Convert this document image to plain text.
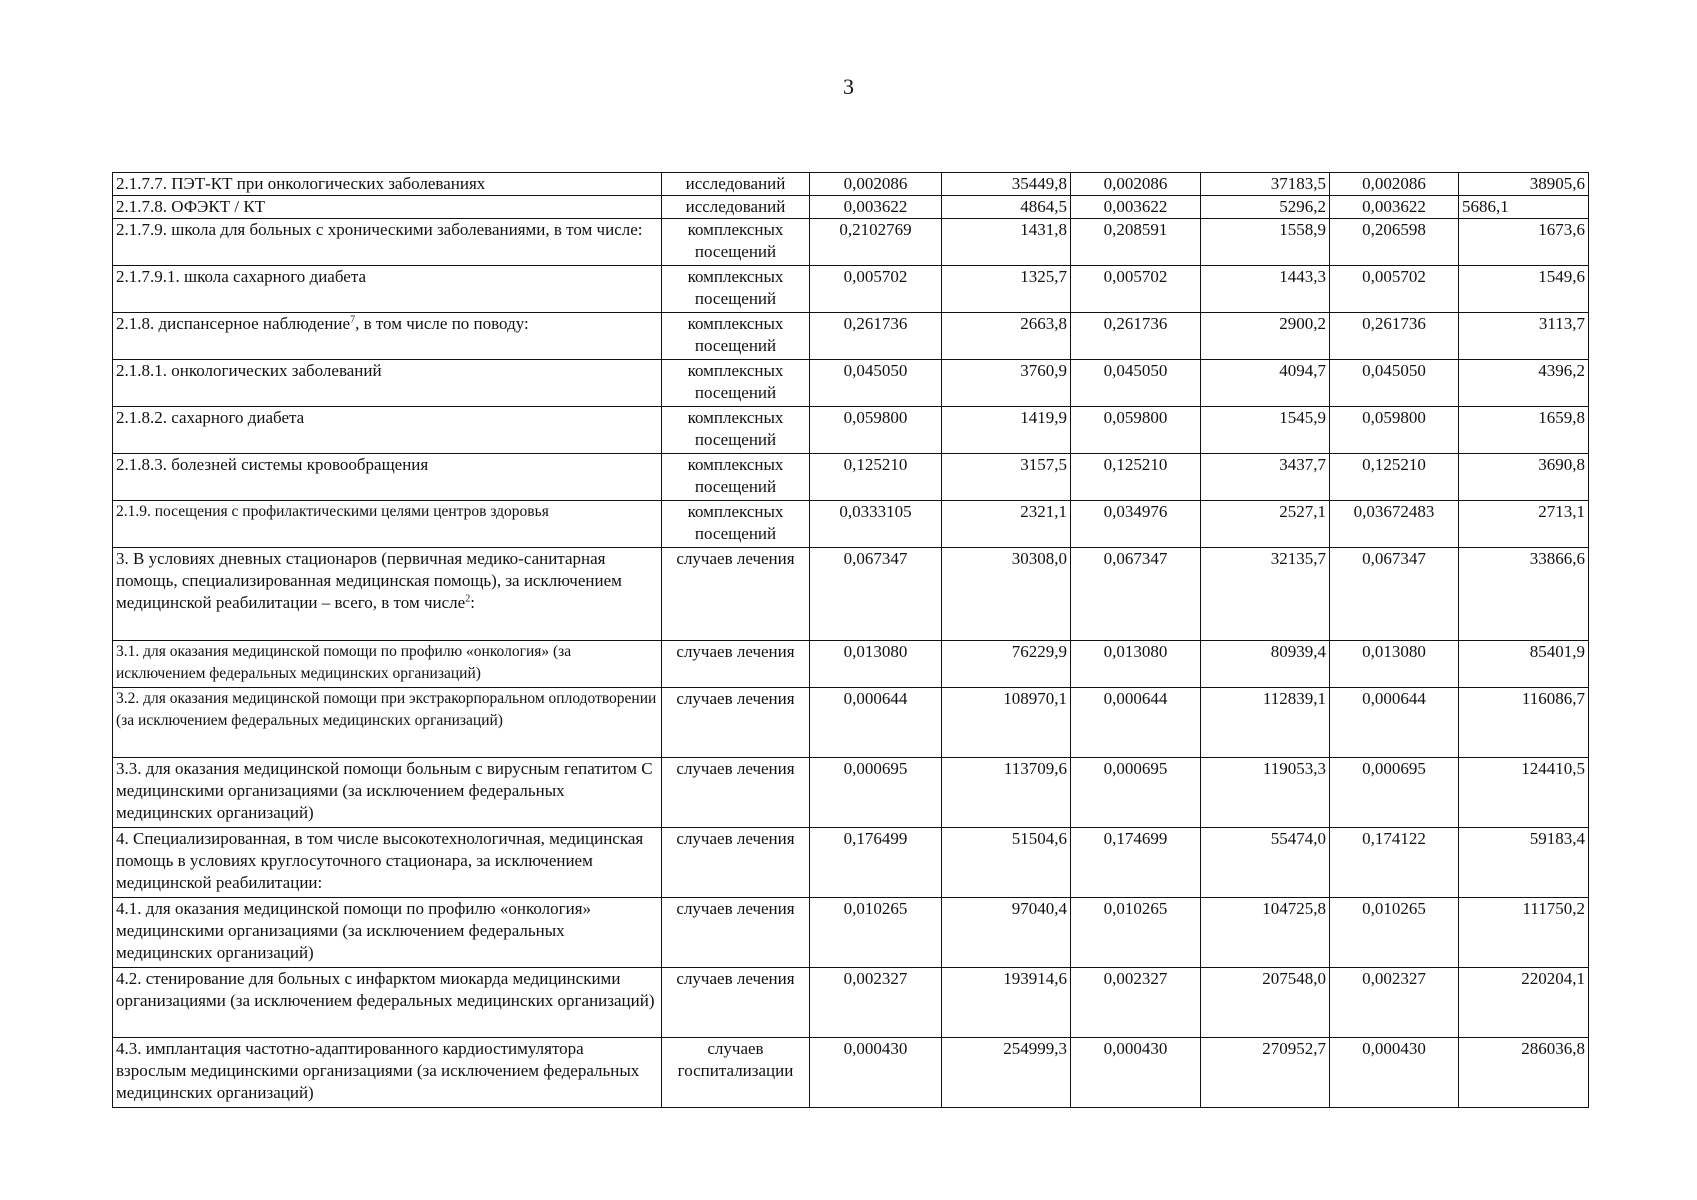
3
2.1.7.7. ПЭТ-КТ при онкологических заболеваниях	исследований	0,002086	35449,8	0,002086	37183,5	0,002086	38905,6
2.1.7.8. ОФЭКТ / КТ	исследований	0,003622	4864,5	0,003622	5296,2	0,003622	5686,1
2.1.7.9. школа для больных с хроническими заболеваниями, в том числе:	комплексных посещений	0,2102769	1431,8	0,208591	1558,9	0,206598	1673,6
2.1.7.9.1. школа сахарного диабета	комплексных посещений	0,005702	1325,7	0,005702	1443,3	0,005702	1549,6
2.1.8. диспансерное наблюдение$^7$, в том числе по поводу:	комплексных посещений	0,261736	2663,8	0,261736	2900,2	0,261736	3113,7
2.1.8.1. онкологических заболеваний	комплексных посещений	0,045050	3760,9	0,045050	4094,7	0,045050	4396,2
2.1.8.2. сахарного диабета	комплексных посещений	0,059800	1419,9	0,059800	1545,9	0,059800	1659,8
2.1.8.3. болезней системы кровообращения	комплексных посещений	0,125210	3157,5	0,125210	3437,7	0,125210	3690,8
2.1.9. посещения с профилактическими целями центров здоровья	комплексных посещений	0,0333105	2321,1	0,034976	2527,1	0,03672483	2713,1
3. В условиях дневных стационаров (первичная медико-санитарная помощь, специализированная медицинская помощь), за исключением медицинской реабилитации – всего, в том числе$^2$:	случаев лечения	0,067347	30308,0	0,067347	32135,7	0,067347	33866,6
3.1. для оказания медицинской помощи по профилю «онкология» (за исключением федеральных медицинских организаций)	случаев лечения	0,013080	76229,9	0,013080	80939,4	0,013080	85401,9
3.2. для оказания медицинской помощи при экстракорпоральном оплодотворении (за исключением федеральных медицинских организаций)	случаев лечения	0,000644	108970,1	0,000644	112839,1	0,000644	116086,7
3.3. для оказания медицинской помощи больным с вирусным гепатитом С медицинскими организациями (за исключением федеральных медицинских организаций)	случаев лечения	0,000695	113709,6	0,000695	119053,3	0,000695	124410,5
4. Специализированная, в том числе высокотехнологичная, медицинская помощь в условиях круглосуточного стационара, за исключением медицинской реабилитации:	случаев лечения	0,176499	51504,6	0,174699	55474,0	0,174122	59183,4
4.1. для оказания медицинской помощи по профилю «онкология» медицинскими организациями (за исключением федеральных медицинских организаций)	случаев лечения	0,010265	97040,4	0,010265	104725,8	0,010265	111750,2
4.2. стенирование для больных с инфарктом миокарда медицинскими организациями (за исключением федеральных медицинских организаций)	случаев лечения	0,002327	193914,6	0,002327	207548,0	0,002327	220204,1
4.3. имплантация частотно-адаптированного кардиостимулятора взрослым медицинскими организациями (за исключением федеральных медицинских организаций)	случаев госпитализации	0,000430	254999,3	0,000430	270952,7	0,000430	286036,8
